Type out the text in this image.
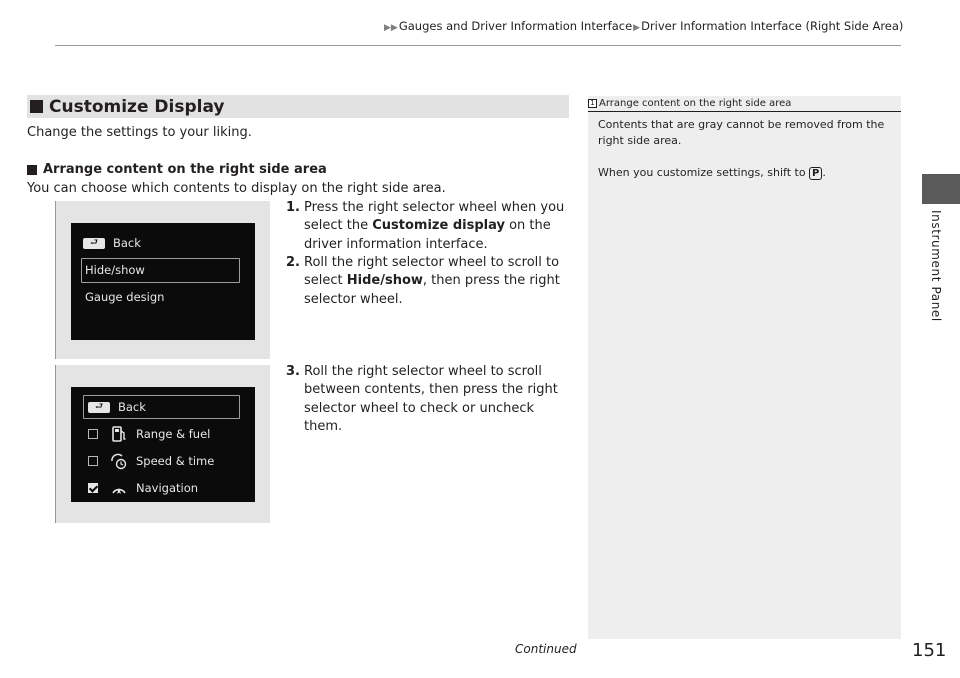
▶▶Gauges and Driver Information Interface▶Driver Information Interface (Right Side Area)
Customize Display
Change the settings to your liking.
Arrange content on the right side area
You can choose which contents to display on the right side area.
⮐	Back
Hide/show
Gauge design
⮐	Back
Range & fuel
Speed & time
Navigation
1. Press the right selector wheel when you select the Customize display on the driver information interface.
2. Roll the right selector wheel to scroll to select Hide/show, then press the right selector wheel.
3. Roll the right selector wheel to scroll between contents, then press the right selector wheel to check or uncheck them.
1 Arrange content on the right side area
Contents that are gray cannot be removed from the right side area.
When you customize settings, shift to P .
Instrument Panel
Continued	151
